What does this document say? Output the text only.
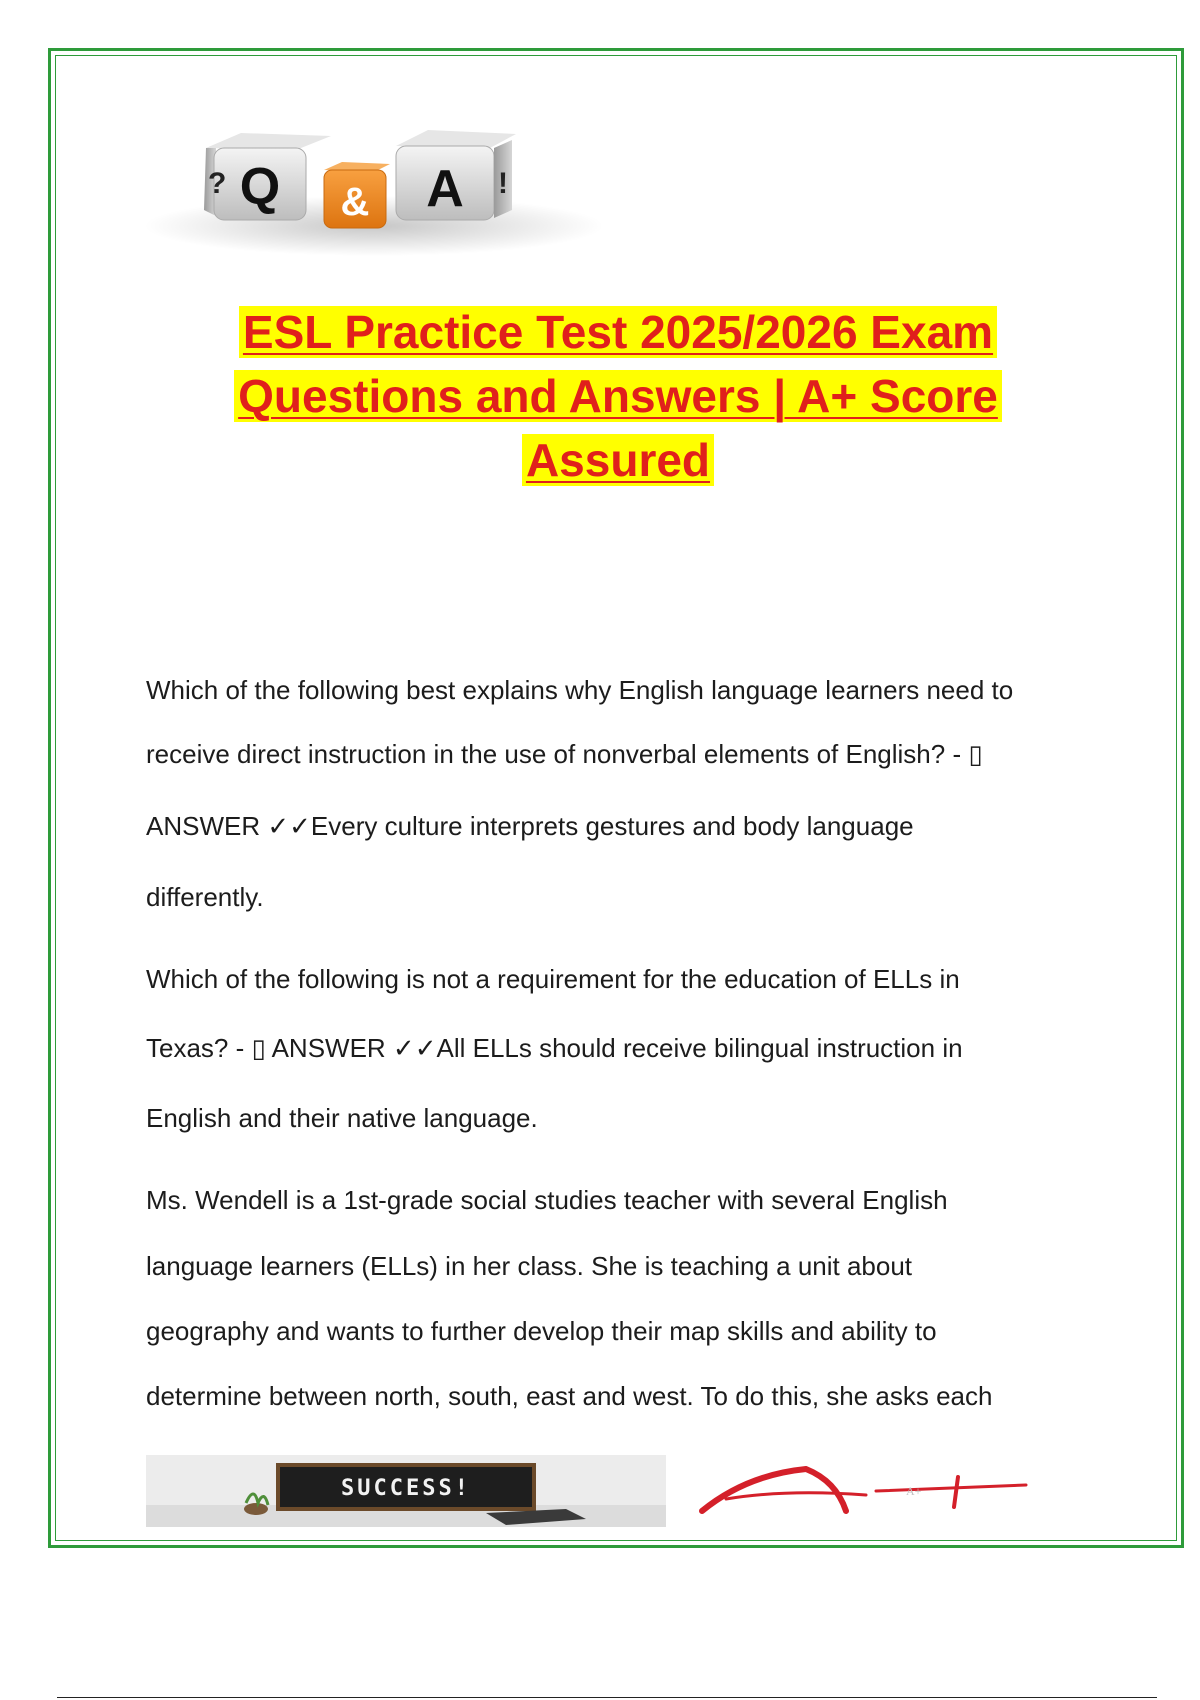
? Q	A !
&
ESL Practice Test 2025/2026 Exam
Questions and Answers | A+ Score
Assured
Which of the following best explains why English language learners need to
receive direct instruction in the use of nonverbal elements of English? - ▯
ANSWER ✓✓Every culture interprets gestures and body language
differently.
Which of the following is not a requirement for the education of ELLs in
Texas? - ▯ ANSWER ✓✓All ELLs should receive bilingual instruction in
English and their native language.
Ms. Wendell is a 1st-grade social studies teacher with several English
language learners (ELLs) in her class. She is teaching a unit about
geography and wants to further develop their map skills and ability to
determine between north, south, east and west. To do this, she asks each
SUCCESS!	A+
